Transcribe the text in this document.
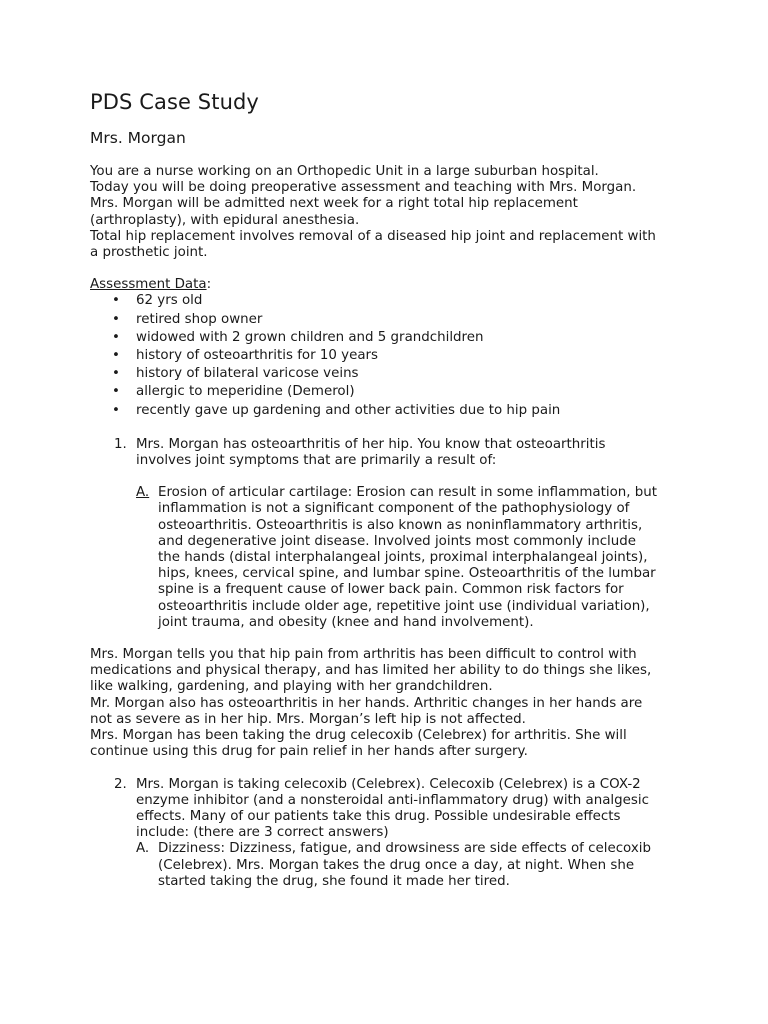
PDS Case Study
Mrs. Morgan

You are a nurse working on an Orthopedic Unit in a large suburban hospital.
Today you will be doing preoperative assessment and teaching with Mrs. Morgan.
Mrs. Morgan will be admitted next week for a right total hip replacement
(arthroplasty), with epidural anesthesia.
Total hip replacement involves removal of a diseased hip joint and replacement with
a prosthetic joint.

Assessment Data:

• 62 yrs old
• retired shop owner
• widowed with 2 grown children and 5 grandchildren
• history of osteoarthritis for 10 years
• history of bilateral varicose veins
• allergic to meperidine (Demerol)
• recently gave up gardening and other activities due to hip pain

1. Mrs. Morgan has osteoarthritis of her hip. You know that osteoarthritis
involves joint symptoms that are primarily a result of:

A. Erosion of articular cartilage: Erosion can result in some inflammation, but
inflammation is not a significant component of the pathophysiology of
osteoarthritis. Osteoarthritis is also known as noninflammatory arthritis,
and degenerative joint disease. Involved joints most commonly include
the hands (distal interphalangeal joints, proximal interphalangeal joints),
hips, knees, cervical spine, and lumbar spine. Osteoarthritis of the lumbar
spine is a frequent cause of lower back pain. Common risk factors for
osteoarthritis include older age, repetitive joint use (individual variation),
joint trauma, and obesity (knee and hand involvement).

Mrs. Morgan tells you that hip pain from arthritis has been difficult to control with
medications and physical therapy, and has limited her ability to do things she likes,
like walking, gardening, and playing with her grandchildren.
Mr. Morgan also has osteoarthritis in her hands. Arthritic changes in her hands are
not as severe as in her hip. Mrs. Morgan’s left hip is not affected.
Mrs. Morgan has been taking the drug celecoxib (Celebrex) for arthritis. She will
continue using this drug for pain relief in her hands after surgery.

2. Mrs. Morgan is taking celecoxib (Celebrex). Celecoxib (Celebrex) is a COX-2
enzyme inhibitor (and a nonsteroidal anti-inflammatory drug) with analgesic
effects. Many of our patients take this drug. Possible undesirable effects
include: (there are 3 correct answers)

A. Dizziness: Dizziness, fatigue, and drowsiness are side effects of celecoxib
(Celebrex). Mrs. Morgan takes the drug once a day, at night. When she
started taking the drug, she found it made her tired.
